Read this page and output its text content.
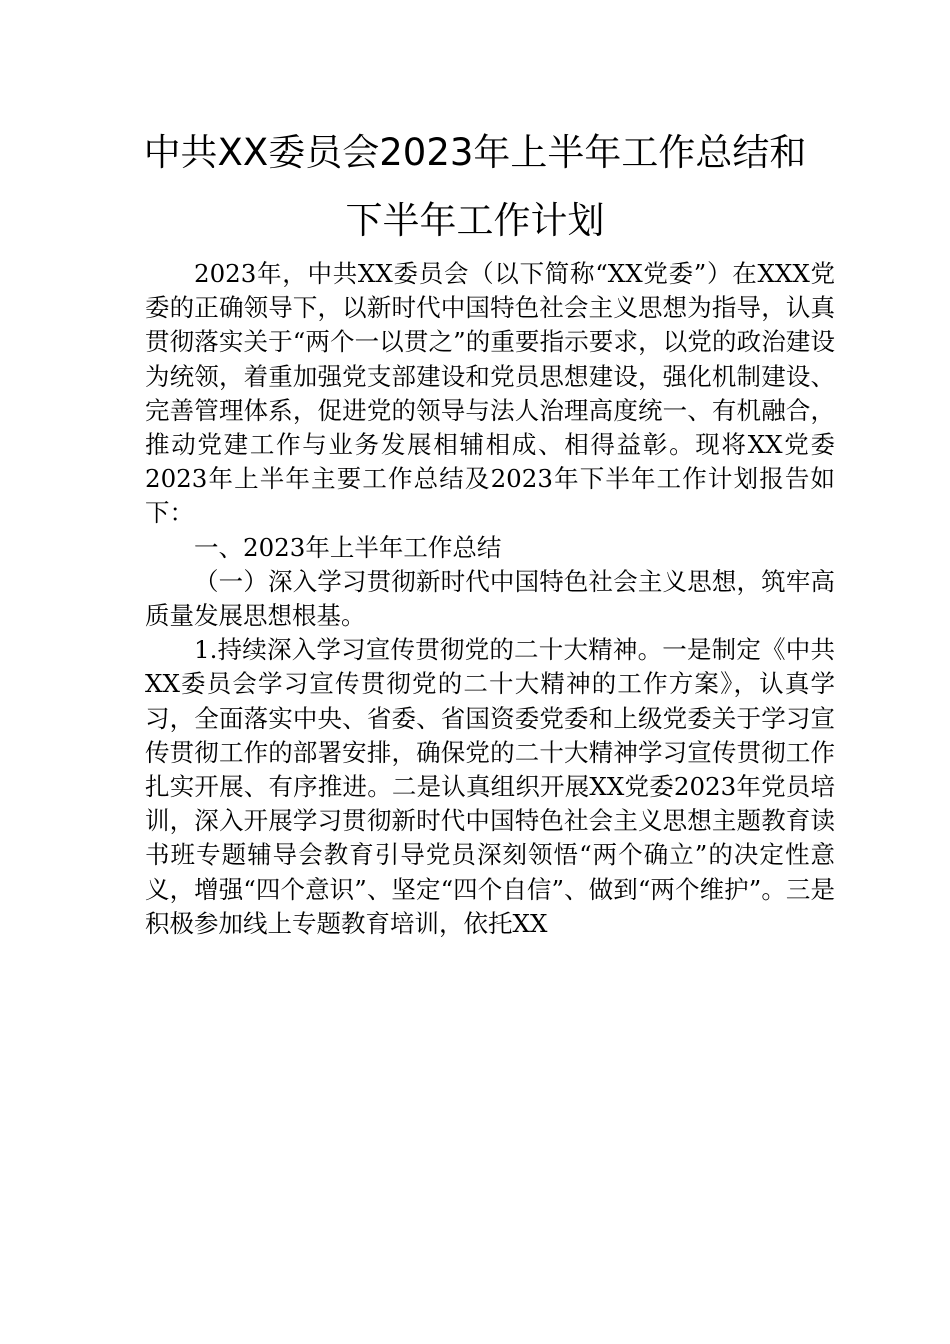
中共XX委员会2023年上半年工作总结和
下半年工作计划

2023年，中共XX委员会（以下简称“XX党委”）在XXX党委的正确领导下，以新时代中国特色社会主义思想为指导，认真贯彻落实关于“两个一以贯之”的重要指示要求，以党的政治建设为统领，着重加强党支部建设和党员思想建设，强化机制建设、完善管理体系，促进党的领导与法人治理高度统一、有机融合，推动党建工作与业务发展相辅相成、相得益彰。现将XX党委2023年上半年主要工作总结及2023年下半年工作计划报告如下：

一、2023年上半年工作总结

（一）深入学习贯彻新时代中国特色社会主义思想，筑牢高质量发展思想根基。

1.持续深入学习宣传贯彻党的二十大精神。一是制定《中共XX委员会学习宣传贯彻党的二十大精神的工作方案》，认真学习，全面落实中央、省委、省国资委党委和上级党委关于学习宣传贯彻工作的部署安排，确保党的二十大精神学习宣传贯彻工作扎实开展、有序推进。二是认真组织开展XX党委2023年党员培训，深入开展学习贯彻新时代中国特色社会主义思想主题教育读书班专题辅导会教育引导党员深刻领悟“两个确立”的决定性意义，增强“四个意识”、坚定“四个自信”、做到“两个维护”。三是积极参加线上专题教育培训，依托XX
